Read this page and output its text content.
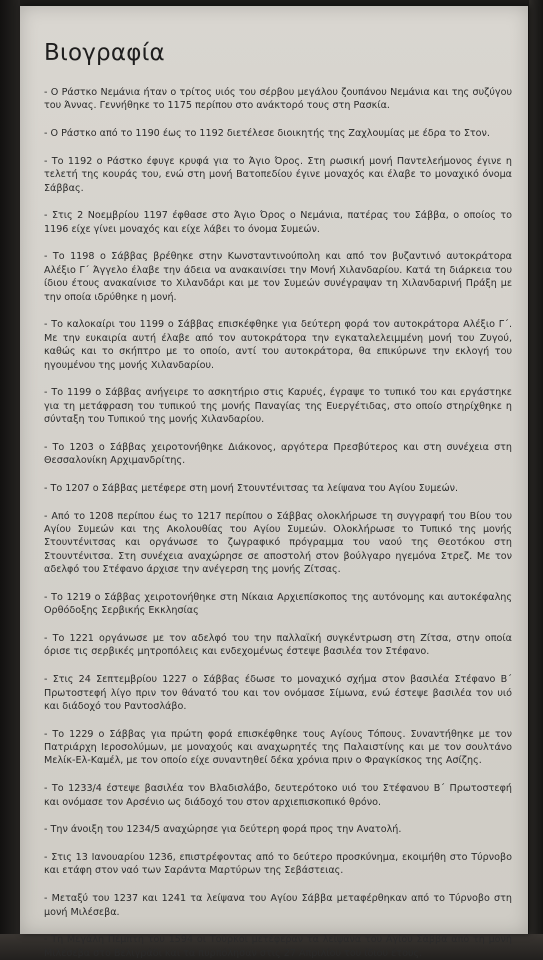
Βιογραφία

- Ο Ράστκο Νεμάνια ήταν ο τρίτος υιός του σέρβου μεγάλου ζουπάνου Νεμάνια και της συζύγου του Άννας. Γεννήθηκε το 1175 περίπου στο ανάκτορό τους στη Ρασκία.

- Ο Ράστκο από το 1190 έως το 1192 διετέλεσε διοικητής της Ζαχλουμίας με έδρα το Στον.

- Το 1192 ο Ράστκο έφυγε κρυφά για το Άγιο Όρος. Στη ρωσική μονή Παντελεήμονος έγινε η τελετή της κουράς του, ενώ στη μονή Βατοπεδίου έγινε μοναχός και έλαβε το μοναχικό όνομα Σάββας.

- Στις 2 Νοεμβρίου 1197 έφθασε στο Άγιο Όρος ο Νεμάνια, πατέρας του Σάββα, ο οποίος το 1196 είχε γίνει μοναχός και είχε λάβει το όνομα Συμεών.

- Το 1198 ο Σάββας βρέθηκε στην Κωνσταντινούπολη και από τον βυζαντινό αυτοκράτορα Αλέξιο Γ΄ Άγγελο έλαβε την άδεια να ανακαινίσει την Μονή Χιλανδαρίου. Κατά τη διάρκεια του ίδιου έτους ανακαίνισε το Χιλανδάρι και με τον Συμεών συνέγραψαν τη Χιλανδαρινή Πράξη με την οποία ιδρύθηκε η μονή.

- Το καλοκαίρι του 1199 ο Σάββας επισκέφθηκε για δεύτερη φορά τον αυτοκράτορα Αλέξιο Γ΄. Με την ευκαιρία αυτή έλαβε από τον αυτοκράτορα την εγκαταλελειμμένη μονή του Ζυγού, καθώς και το σκήπτρο με το οποίο, αντί του αυτοκράτορα, θα επικύρωνε την εκλογή του ηγουμένου της μονής Χιλανδαρίου.

- Το 1199 ο Σάββας ανήγειρε το ασκητήριο στις Καρυές, έγραψε το τυπικό του και εργάστηκε για τη μετάφραση του τυπικού της μονής Παναγίας της Ευεργέτιδας, στο οποίο στηρίχθηκε η σύνταξη του Τυπικού της μονής Χιλανδαρίου.

- Το 1203 ο Σάββας χειροτονήθηκε Διάκονος, αργότερα Πρεσβύτερος και στη συνέχεια στη Θεσσαλονίκη Αρχιμανδρίτης.

- Το 1207 ο Σάββας μετέφερε στη μονή Στουντένιτσας τα λείψανα του Αγίου Συμεών.

- Από το 1208 περίπου έως το 1217 περίπου ο Σάββας ολοκλήρωσε τη συγγραφή του Βίου του Αγίου Συμεών και της Ακολουθίας του Αγίου Συμεών. Ολοκλήρωσε το Τυπικό της μονής Στουντένιτσας και οργάνωσε το ζωγραφικό πρόγραμμα του ναού της Θεοτόκου στη Στουντένιτσα. Στη συνέχεια αναχώρησε σε αποστολή στον βούλγαρο ηγεμόνα Στρεζ. Με τον αδελφό του Στέφανο άρχισε την ανέγερση της μονής Ζίτσας.

- Το 1219 ο Σάββας χειροτονήθηκε στη Νίκαια Αρχιεπίσκοπος της αυτόνομης και αυτοκέφαλης Ορθόδοξης Σερβικής Εκκλησίας

- Το 1221 οργάνωσε με τον αδελφό του την παλλαϊκή συγκέντρωση στη Ζίτσα, στην οποία όρισε τις σερβικές μητροπόλεις και ενδεχομένως έστεψε βασιλέα τον Στέφανο.

- Στις 24 Σεπτεμβρίου 1227 ο Σάββας έδωσε το μοναχικό σχήμα στον βασιλέα Στέφανο Β΄ Πρωτοστεφή λίγο πριν τον θάνατό του και τον ονόμασε Σίμωνα, ενώ έστεψε βασιλέα τον υιό και διάδοχό του Ραντοσλάβο.

- Το 1229 ο Σάββας για πρώτη φορά επισκέφθηκε τους Αγίους Τόπους. Συναντήθηκε με τον Πατριάρχη Ιεροσολύμων, με μοναχούς και αναχωρητές της Παλαιστίνης και με τον σουλτάνο Μελίκ-Ελ-Καμέλ, με τον οποίο είχε συναντηθεί δέκα χρόνια πριν ο Φραγκίσκος της Ασίζης.

- Το 1233/4 έστεψε βασιλέα τον Βλαδισλάβο, δευτερότοκο υιό του Στέφανου Β΄ Πρωτοστεφή και ονόμασε τον Αρσένιο ως διάδοχό του στον αρχιεπισκοπικό θρόνο.

- Την άνοιξη του 1234/5 αναχώρησε για δεύτερη φορά προς την Ανατολή.

- Στις 13 Ιανουαρίου 1236, επιστρέφοντας από το δεύτερο προσκύνημα, εκοιμήθη στο Τύρνοβο και ετάφη στον ναό των Σαράντα Μαρτύρων της Σεβάστειας.

- Μεταξύ του 1237 και 1241 τα λείψανα του Αγίου Σάββα μεταφέρθηκαν από το Τύρνοβο στη μονή Μιλέσεβα.

- Τη Μεγάλη Πέμπτη του 1594 οι Τούρκοι μετέφεραν τα λείψανα του Αγίου Σάββα από τη μονή Μιλέσεβα στο Βελιγράδι και τα πυρπόλησαν στις 27 Απριλίου του ίδιου έτους.
